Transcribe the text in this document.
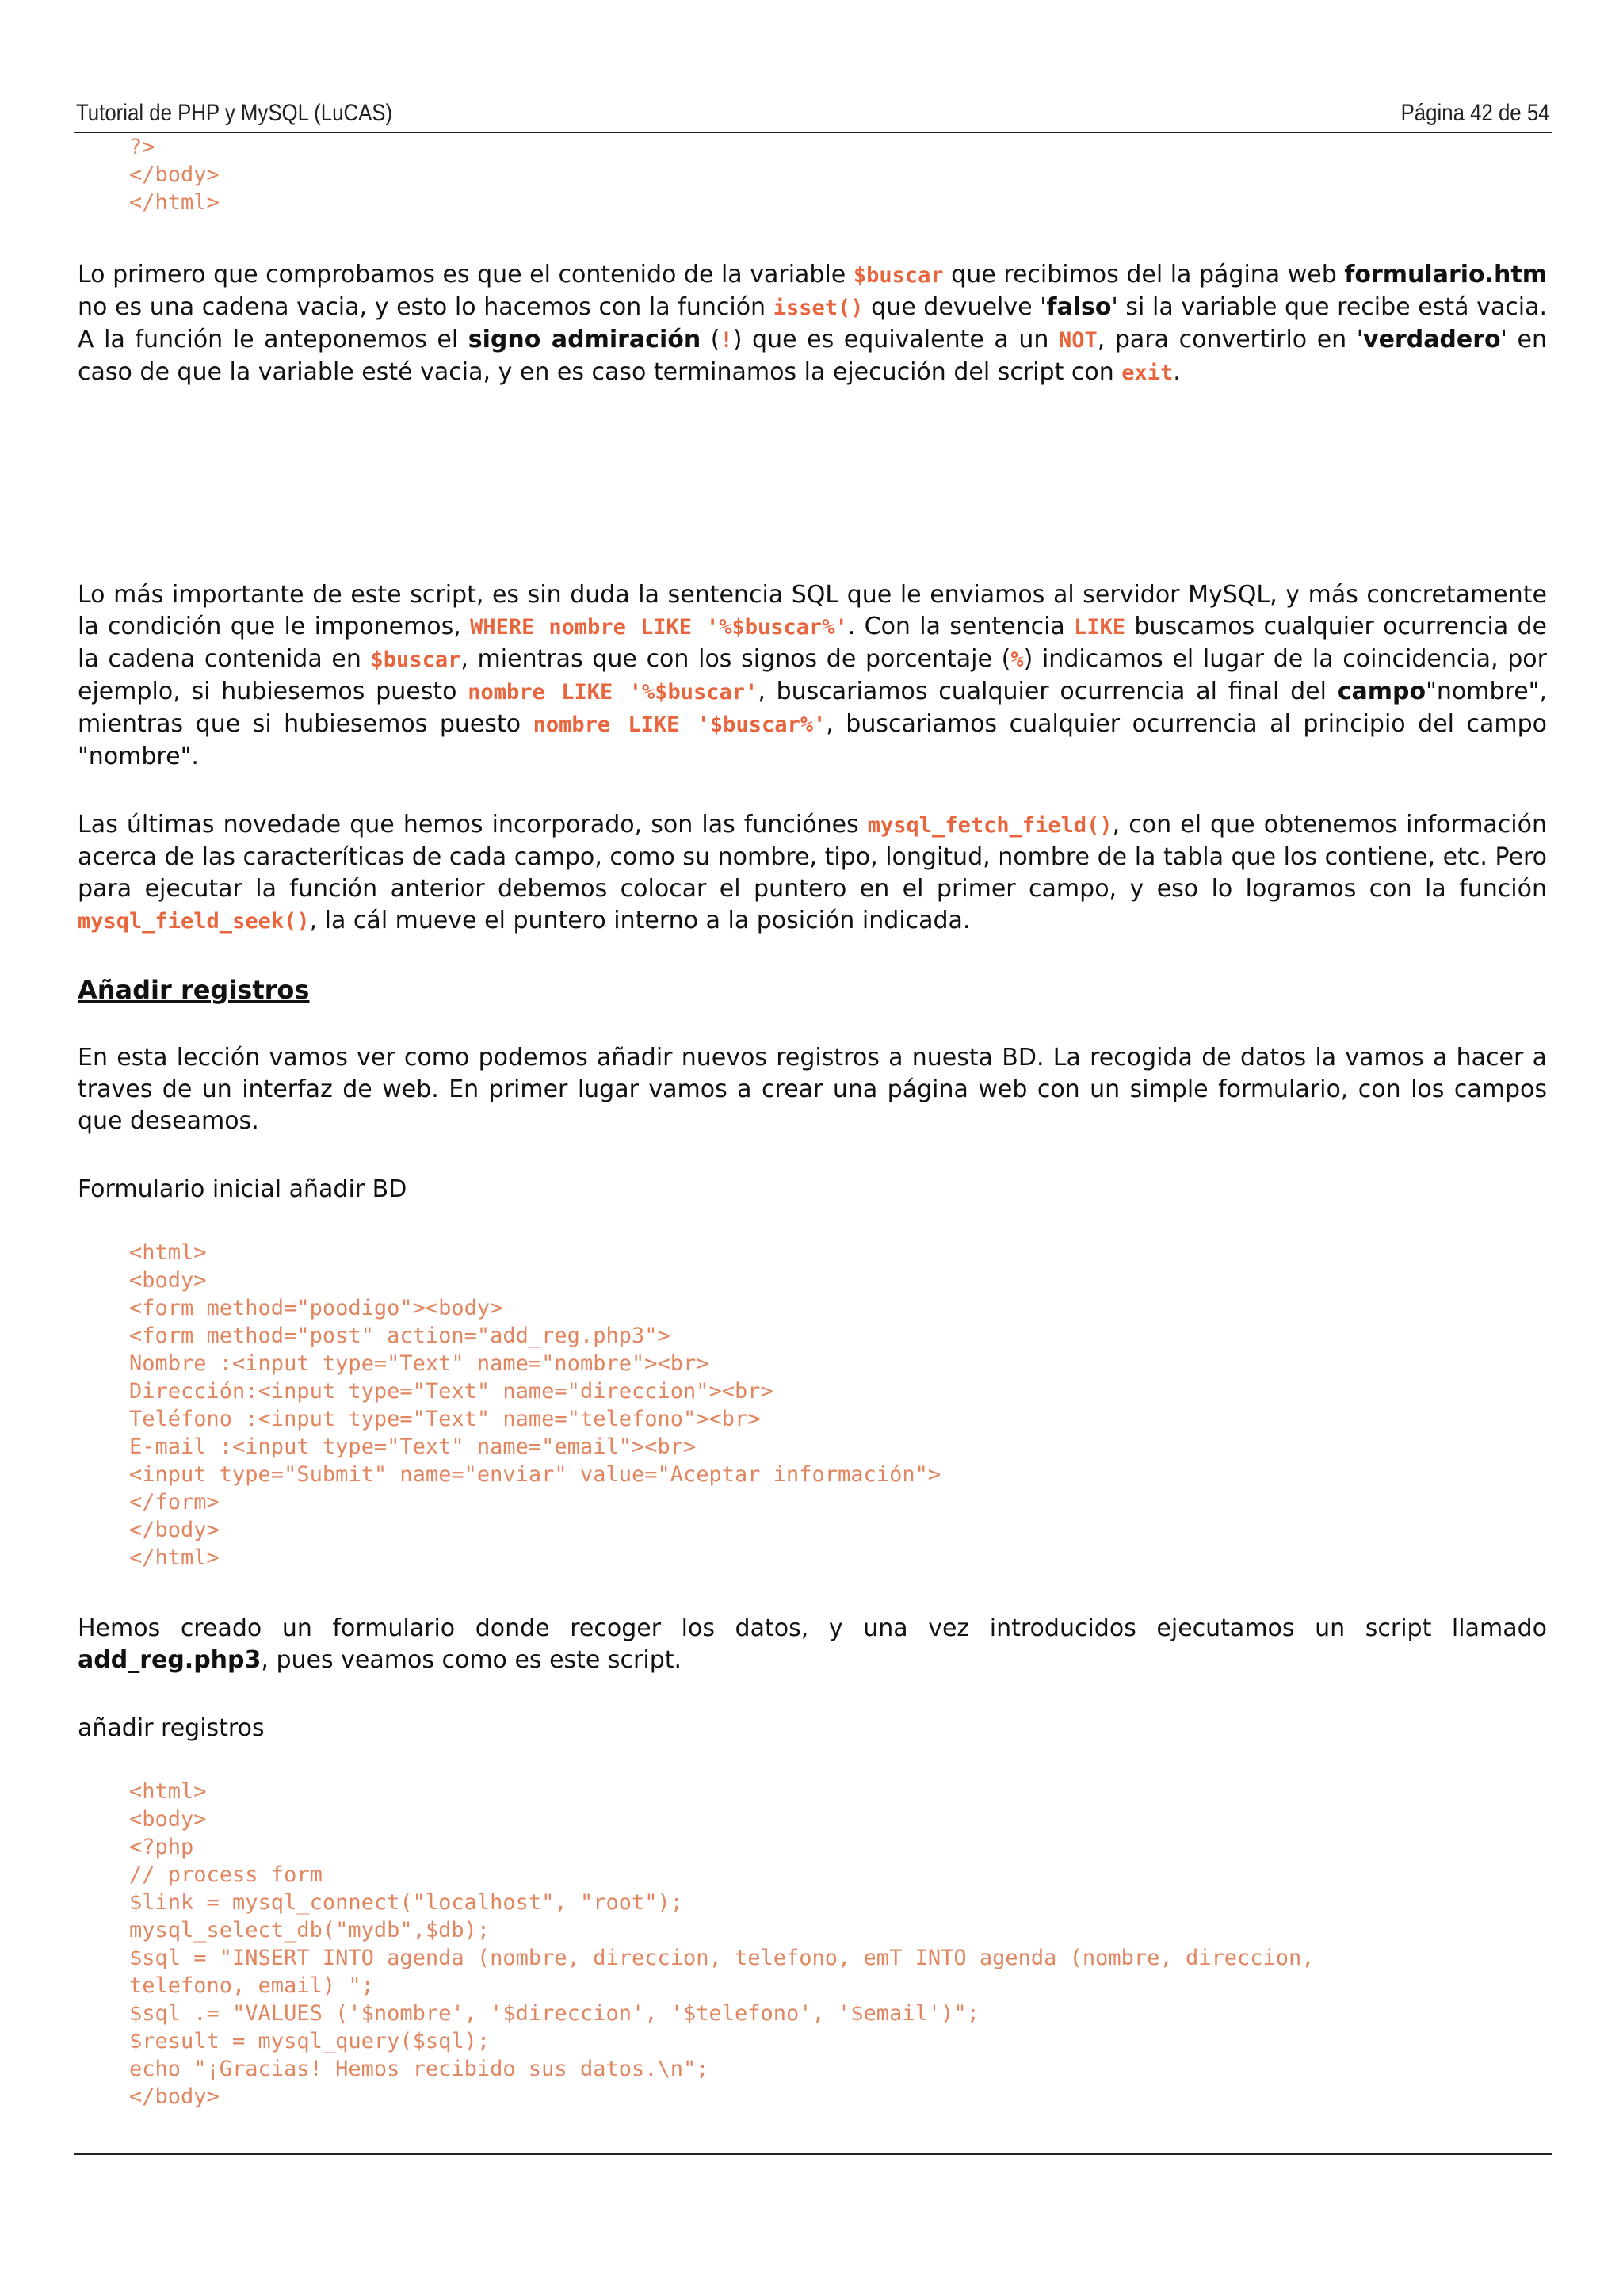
Tutorial de PHP y MySQL (LuCAS)	Página 42 de 54
?>
</body>
</html>

Lo primero que comprobamos es que el contenido de la variable $buscar que recibimos del la página web formulario.htm no es una cadena vacia, y esto lo hacemos con la función isset() que devuelve 'falso' si la variable que recibe está vacia. A la función le anteponemos el signo admiración (!) que es equivalente a un NOT, para convertirlo en 'verdadero' en caso de que la variable esté vacia, y en es caso terminamos la ejecución del script con exit.

Lo más importante de este script, es sin duda la sentencia SQL que le enviamos al servidor MySQL, y más concretamente la condición que le imponemos, WHERE nombre LIKE '%$buscar%'. Con la sentencia LIKE buscamos cualquier ocurrencia de la cadena contenida en $buscar, mientras que con los signos de porcentaje (%) indicamos el lugar de la coincidencia, por ejemplo, si hubiesemos puesto nombre LIKE '%$buscar', buscariamos cualquier ocurrencia al final del campo"nombre", mientras que si hubiesemos puesto nombre LIKE '$buscar%', buscariamos cualquier ocurrencia al principio del campo "nombre".

Las últimas novedade que hemos incorporado, son las funciónes mysql_fetch_field(), con el que obtenemos información acerca de las caracteríticas de cada campo, como su nombre, tipo, longitud, nombre de la tabla que los contiene, etc. Pero para ejecutar la función anterior debemos colocar el puntero en el primer campo, y eso lo logramos con la función mysql_field_seek(), la cál mueve el puntero interno a la posición indicada.

Añadir registros

En esta lección vamos ver como podemos añadir nuevos registros a nuesta BD. La recogida de datos la vamos a hacer a traves de un interfaz de web. En primer lugar vamos a crear una página web con un simple formulario, con los campos que deseamos.

Formulario inicial añadir BD

<html>
<body>
<form method="poodigo"><body>
<form method="post" action="add_reg.php3">
Nombre :<input type="Text" name="nombre"><br>
Dirección:<input type="Text" name="direccion"><br>
Teléfono :<input type="Text" name="telefono"><br>
E-mail :<input type="Text" name="email"><br>
<input type="Submit" name="enviar" value="Aceptar información">
</form>
</body>
</html>

Hemos creado un formulario donde recoger los datos, y una vez introducidos ejecutamos un script llamado add_reg.php3, pues veamos como es este script.

añadir registros

<html>
<body>
<?php
// process form
$link = mysql_connect("localhost", "root");
mysql_select_db("mydb",$db);
$sql = "INSERT INTO agenda (nombre, direccion, telefono, emT INTO agenda (nombre, direccion,
telefono, email) ";
$sql .= "VALUES ('$nombre', '$direccion', '$telefono', '$email')";
$result = mysql_query($sql);
echo "¡Gracias! Hemos recibido sus datos.\n";
</body>
